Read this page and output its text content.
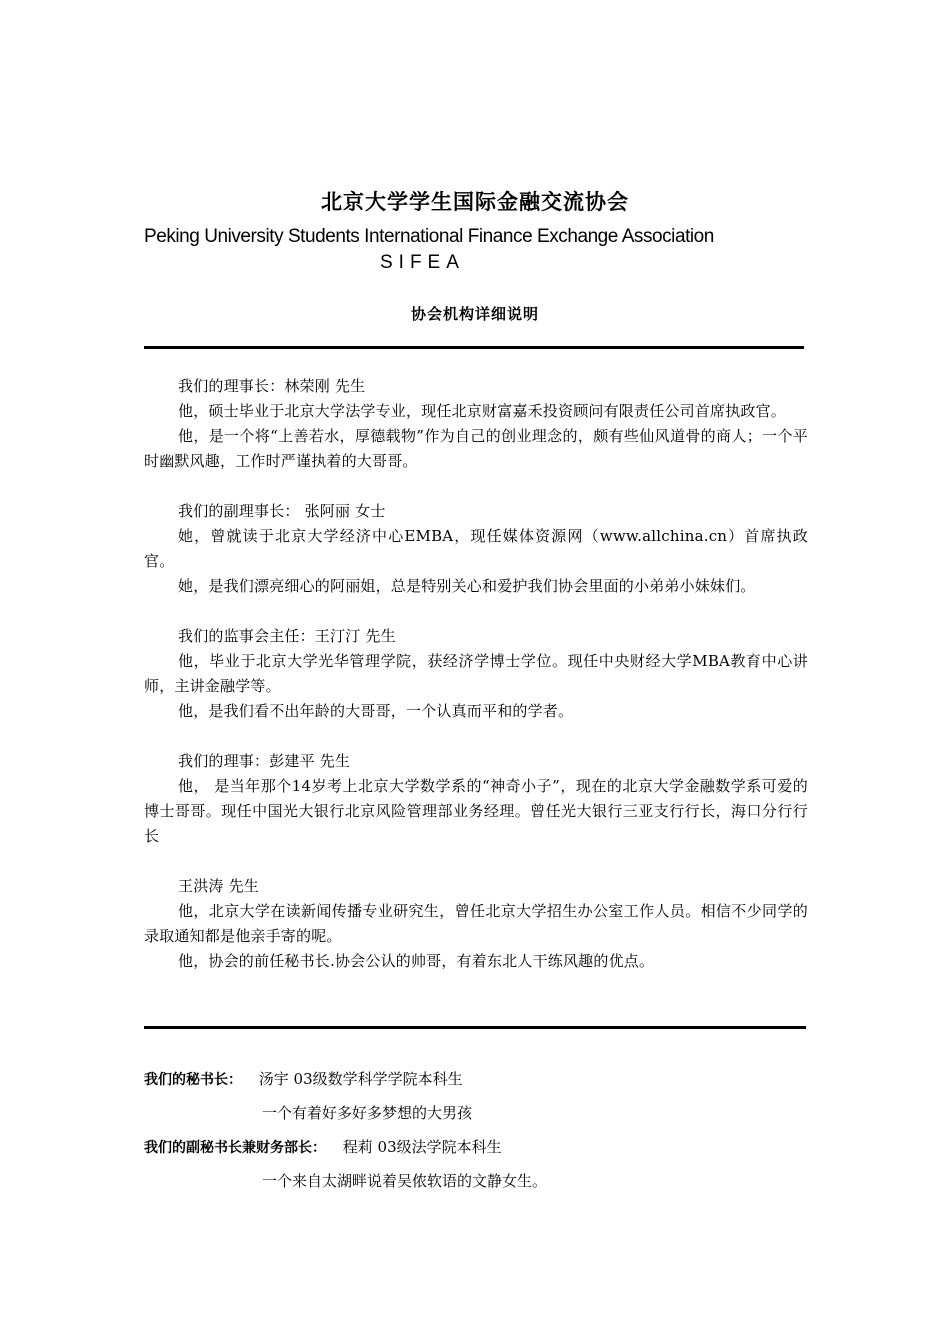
北京大学学生国际金融交流协会
Peking University Students International Finance Exchange Association
SIFEA
协会机构详细说明

我们的理事长：林荣刚 先生

他，硕士毕业于北京大学法学专业，现任北京财富嘉禾投资顾问有限责任公司首席执政官。

他，是一个将“上善若水，厚德载物”作为自己的创业理念的，颇有些仙风道骨的商人；一个平时幽默风趣，工作时严谨执着的大哥哥。

我们的副理事长： 张阿丽 女士

她，曾就读于北京大学经济中心EMBA，现任媒体资源网（www.allchina.cn）首席执政官。

她，是我们漂亮细心的阿丽姐，总是特别关心和爱护我们协会里面的小弟弟小妹妹们。

我们的监事会主任：王汀汀 先生

他，毕业于北京大学光华管理学院，获经济学博士学位。现任中央财经大学MBA教育中心讲师，主讲金融学等。

他，是我们看不出年龄的大哥哥，一个认真而平和的学者。

我们的理事：彭建平 先生

他， 是当年那个14岁考上北京大学数学系的“神奇小子”，现在的北京大学金融数学系可爱的博士哥哥。现任中国光大银行北京风险管理部业务经理。曾任光大银行三亚支行行长，海口分行行长

王洪涛 先生

他，北京大学在读新闻传播专业研究生，曾任北京大学招生办公室工作人员。相信不少同学的录取通知都是他亲手寄的呢。

他，协会的前任秘书长.协会公认的帅哥，有着东北人干练风趣的优点。

我们的秘书长： 汤宇 03级数学科学学院本科生
一个有着好多好多梦想的大男孩
我们的副秘书长兼财务部长： 程莉 03级法学院本科生
一个来自太湖畔说着吴侬软语的文静女生。
